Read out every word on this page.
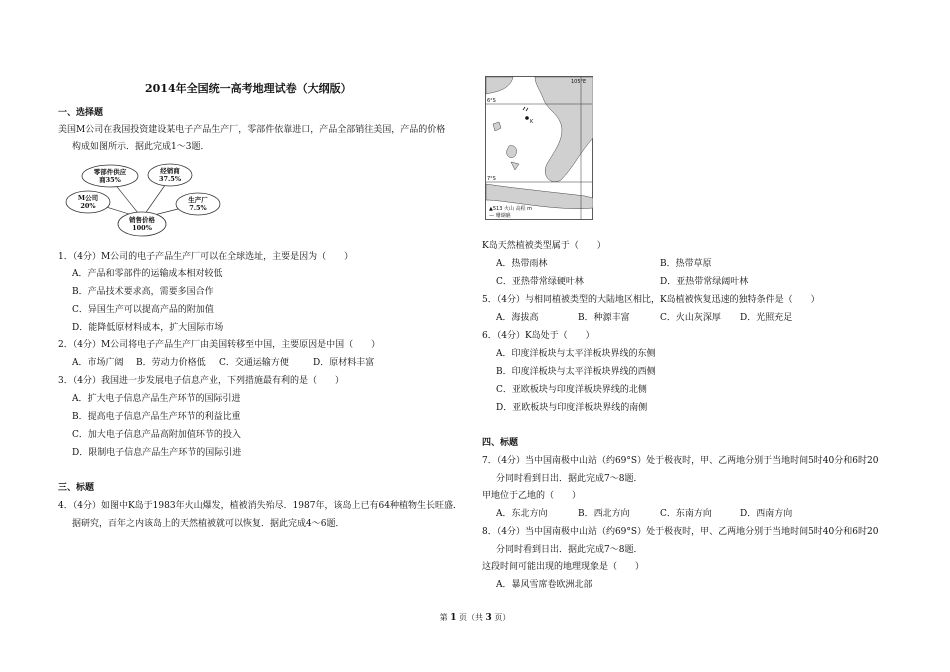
2014年全国统一高考地理试卷（大纲版）
一、选择题
美国M公司在我国投资建设某电子产品生产厂，零部件依靠进口，产品全部销往美国，产品的价格
构成如图所示．据此完成1～3题．
零部件供应
商35%
经销商
37.5%
M公司
20%
生产厂
7.5%
销售价格
100%
1．（4分）M公司的电子产品生产厂可以在全球选址，主要是因为（　　）
A．产品和零部件的运输成本相对较低
B．产品技术要求高，需要多国合作
C．异国生产可以提高产品的附加值
D．能降低原材料成本，扩大国际市场
2．（4分）M公司将电子产品生产厂由美国转移至中国，主要原因是中国（　　）
A．市场广阔 B．劳动力价格低 C．交通运输方便	D．原材料丰富
3．（4分）我国进一步发展电子信息产业，下列措施最有利的是（　　）
A．扩大电子信息产品生产环节的国际引进
B．提高电子信息产品生产环节的利益比重
C．加大电子信息产品高附加值环节的投入
D．限制电子信息产品生产环节的国际引进
三、标题
4．（4分）如图中K岛于1983年火山爆发，植被消失殆尽．1987年，该岛上已有64种植物生长旺盛．
据研究，百年之内该岛上的天然植被就可以恢复．据此完成4～6题．
105°E
6°S
7°S
K
▲513 火山 高程 m
— 珊瑚礁
K岛天然植被类型属于（　　）
A．热带雨林	B．热带草原
C．亚热带常绿硬叶林	D．亚热带常绿阔叶林
5．（4分）与相同植被类型的大陆地区相比，K岛植被恢复迅速的独特条件是（　　）
A．海拔高	B．种源丰富	C．火山灰深厚 D．光照充足
6．（4分）K岛处于（　　）
A．印度洋板块与太平洋板块界线的东侧
B．印度洋板块与太平洋板块界线的西侧
C．亚欧板块与印度洋板块界线的北侧
D．亚欧板块与印度洋板块界线的南侧
四、标题
7．（4分）当中国南极中山站（约69°S）处于极夜时，甲、乙两地分别于当地时间5时40分和6时20
分同时看到日出．据此完成7～8题．
甲地位于乙地的（　　）
A．东北方向	B．西北方向	C．东南方向	D．西南方向
8．（4分）当中国南极中山站（约69°S）处于极夜时，甲、乙两地分别于当地时间5时40分和6时20
分同时看到日出．据此完成7～8题．
这段时间可能出现的地理现象是（　　）
A．暴风雪席卷欧洲北部
第 1 页（共 3 页）
